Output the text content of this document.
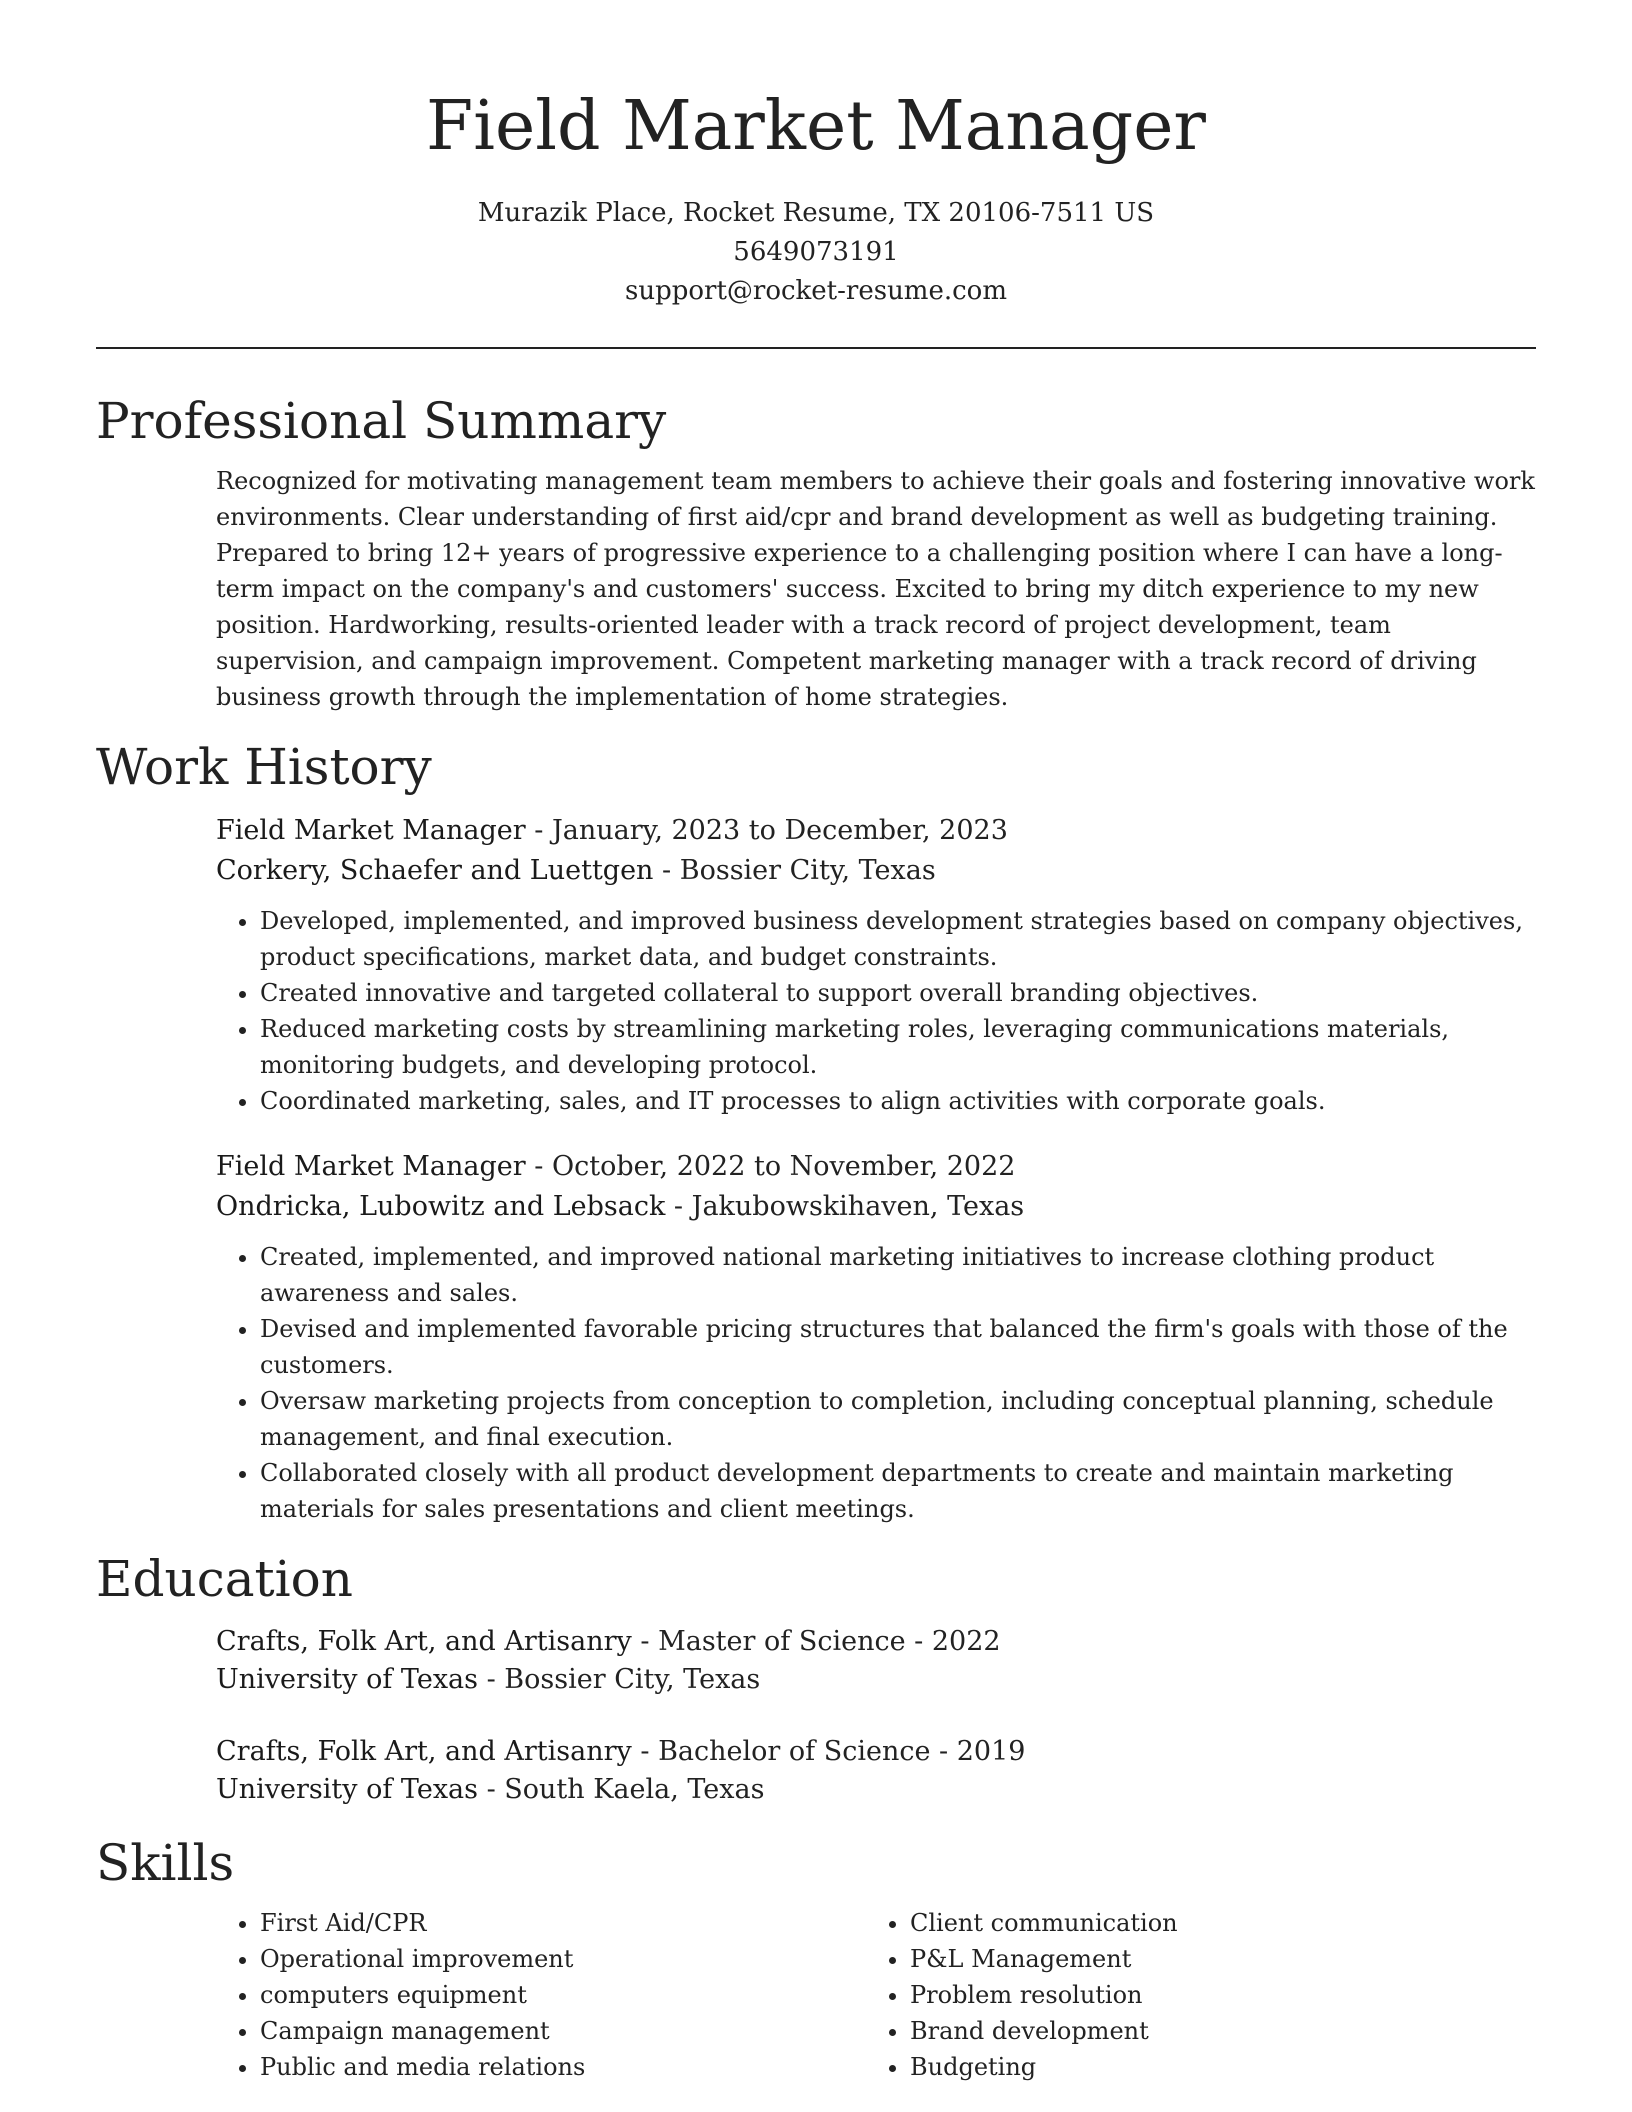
Field Market Manager
Murazik Place, Rocket Resume, TX 20106-7511 US
5649073191
support@rocket-resume.com
Professional Summary

Recognized for motivating management team members to achieve their goals and fostering innovative work environments. Clear understanding of first aid/cpr and brand development as well as budgeting training. Prepared to bring 12+ years of progressive experience to a challenging position where I can have a long-term impact on the company's and customers' success. Excited to bring my ditch experience to my new position. Hardworking, results-oriented leader with a track record of project development, team supervision, and campaign improvement. Competent marketing manager with a track record of driving business growth through the implementation of home strategies.

Work History
Field Market Manager - January, 2023 to December, 2023
Corkery, Schaefer and Luettgen - Bossier City, Texas
• Developed, implemented, and improved business development strategies based on company objectives, product specifications, market data, and budget constraints.
• Created innovative and targeted collateral to support overall branding objectives.
• Reduced marketing costs by streamlining marketing roles, leveraging communications materials, monitoring budgets, and developing protocol.
• Coordinated marketing, sales, and IT processes to align activities with corporate goals.
Field Market Manager - October, 2022 to November, 2022
Ondricka, Lubowitz and Lebsack - Jakubowskihaven, Texas
• Created, implemented, and improved national marketing initiatives to increase clothing product awareness and sales.
• Devised and implemented favorable pricing structures that balanced the firm's goals with those of the customers.
• Oversaw marketing projects from conception to completion, including conceptual planning, schedule management, and final execution.
• Collaborated closely with all product development departments to create and maintain marketing materials for sales presentations and client meetings.
Education
Crafts, Folk Art, and Artisanry - Master of Science - 2022
University of Texas - Bossier City, Texas
Crafts, Folk Art, and Artisanry - Bachelor of Science - 2019
University of Texas - South Kaela, Texas
Skills
• First Aid/CPR
• Operational improvement
• computers equipment
• Campaign management
• Public and media relations
• Client communication
• P&L Management
• Problem resolution
• Brand development
• Budgeting
